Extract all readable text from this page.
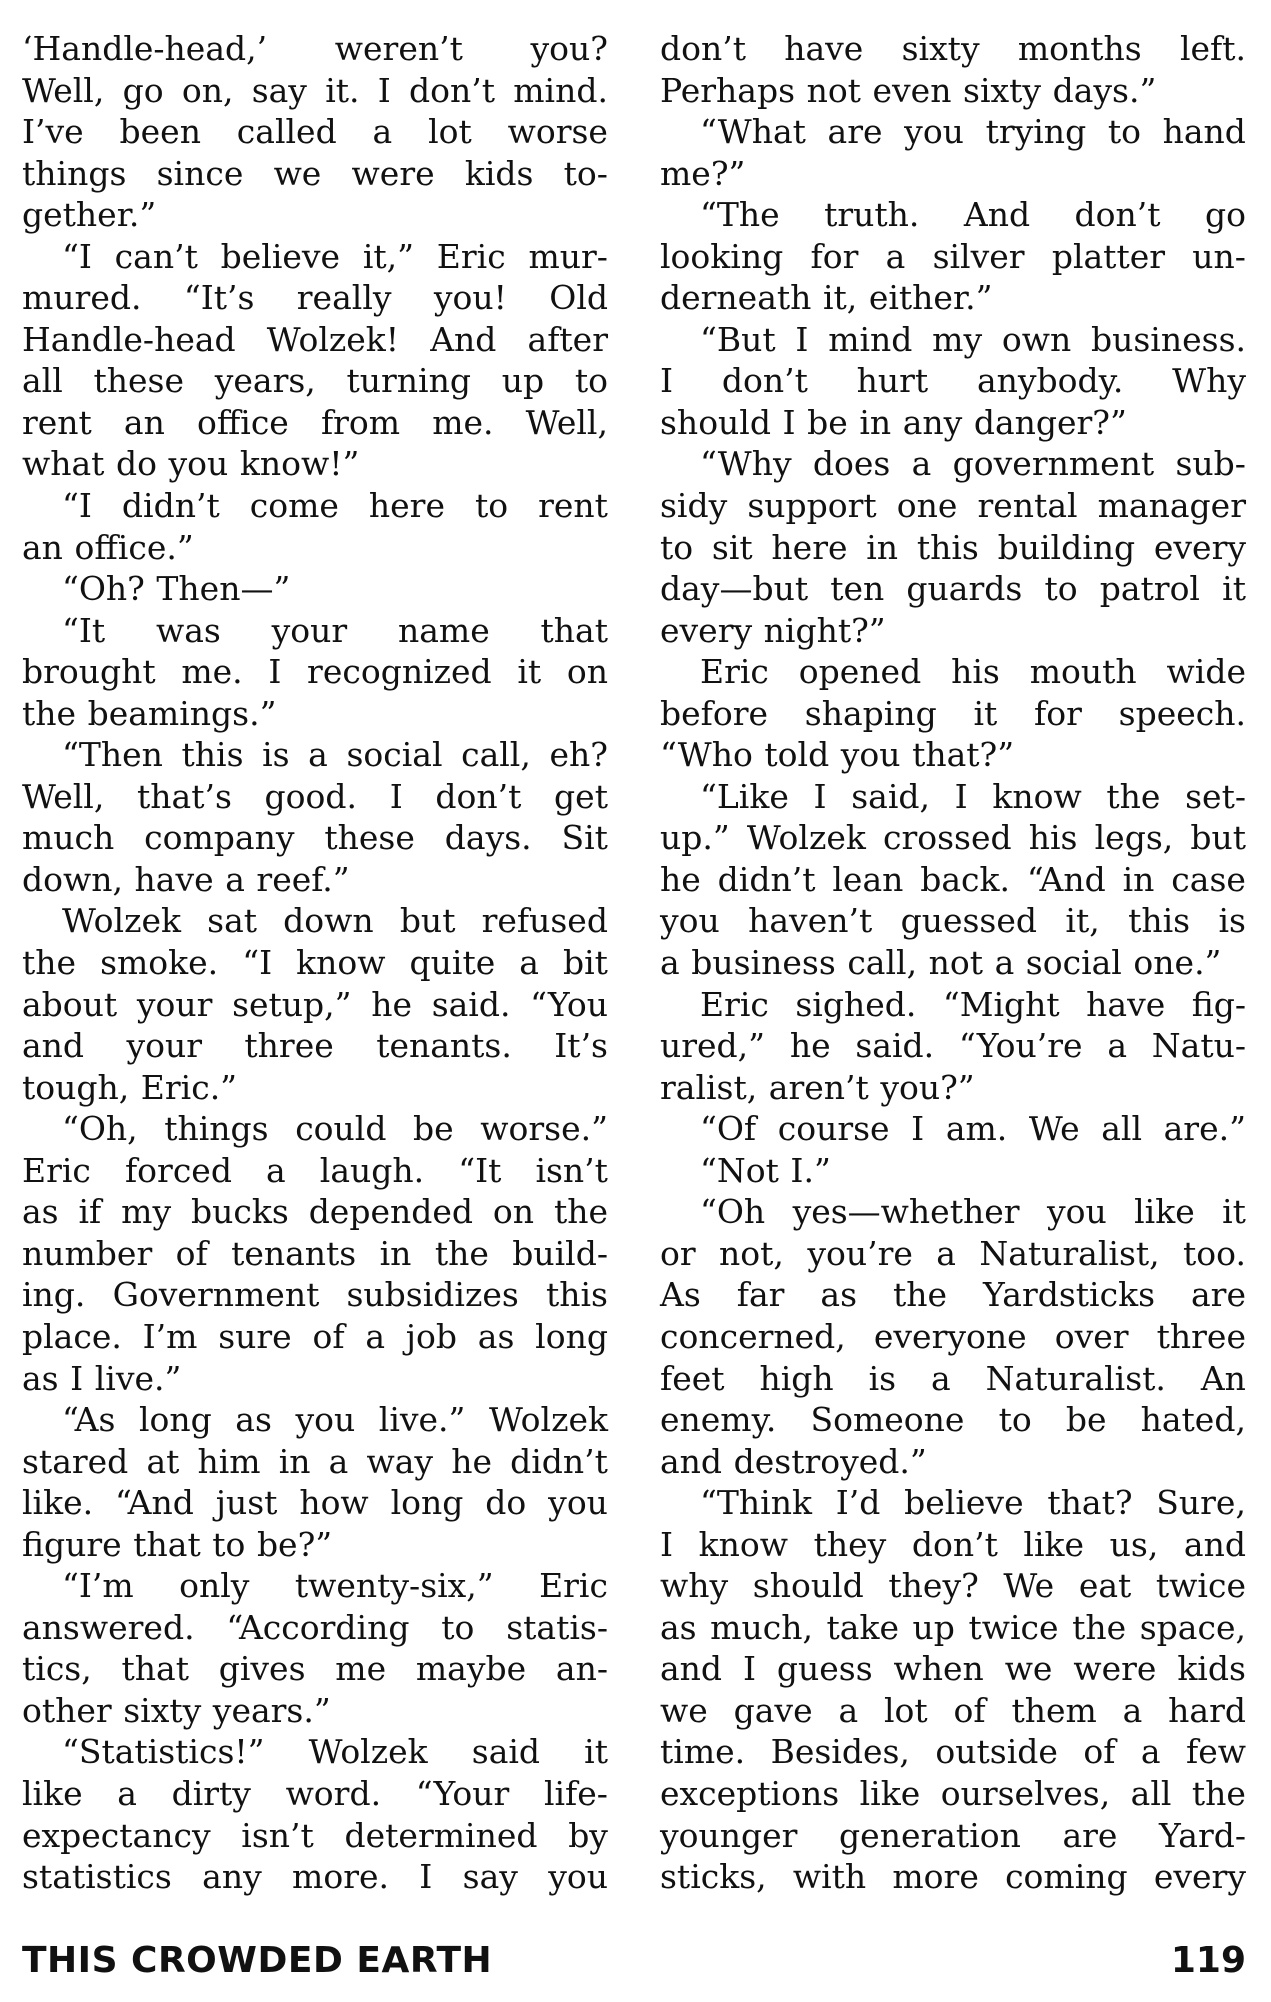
‘Handle-head,’ weren’t you?
Well, go on, say it. I don’t mind.
I’ve been called a lot worse
things since we were kids to-
gether.”
“I can’t believe it,” Eric mur-
mured. “It’s really you! Old
Handle-head Wolzek! And after
all these years, turning up to
rent an office from me. Well,
what do you know!”
“I didn’t come here to rent
an office.”
“Oh? Then—”
“It was your name that
brought me. I recognized it on
the beamings.”
“Then this is a social call, eh?
Well, that’s good. I don’t get
much company these days. Sit
down, have a reef.”
Wolzek sat down but refused
the smoke. “I know quite a bit
about your setup,” he said. “You
and your three tenants. It’s
tough, Eric.”
“Oh, things could be worse.”
Eric forced a laugh. “It isn’t
as if my bucks depended on the
number of tenants in the build-
ing. Government subsidizes this
place. I’m sure of a job as long
as I live.”
“As long as you live.” Wolzek
stared at him in a way he didn’t
like. “And just how long do you
figure that to be?”
“I’m only twenty-six,” Eric
answered. “According to statis-
tics, that gives me maybe an-
other sixty years.”
“Statistics!” Wolzek said it
like a dirty word. “Your life-
expectancy isn’t determined by
statistics any more. I say you
don’t have sixty months left.
Perhaps not even sixty days.”
“What are you trying to hand
me?”
“The truth. And don’t go
looking for a silver platter un-
derneath it, either.”
“But I mind my own business.
I don’t hurt anybody. Why
should I be in any danger?”
“Why does a government sub-
sidy support one rental manager
to sit here in this building every
day—but ten guards to patrol it
every night?”
Eric opened his mouth wide
before shaping it for speech.
“Who told you that?”
“Like I said, I know the set-
up.” Wolzek crossed his legs, but
he didn’t lean back. “And in case
you haven’t guessed it, this is
a business call, not a social one.”
Eric sighed. “Might have fig-
ured,” he said. “You’re a Natu-
ralist, aren’t you?”
“Of course I am. We all are.”
“Not I.”
“Oh yes—whether you like it
or not, you’re a Naturalist, too.
As far as the Yardsticks are
concerned, everyone over three
feet high is a Naturalist. An
enemy. Someone to be hated,
and destroyed.”
“Think I’d believe that? Sure,
I know they don’t like us, and
why should they? We eat twice
as much, take up twice the space,
and I guess when we were kids
we gave a lot of them a hard
time. Besides, outside of a few
exceptions like ourselves, all the
younger generation are Yard-
sticks, with more coming every
THIS CROWDED EARTH	119
